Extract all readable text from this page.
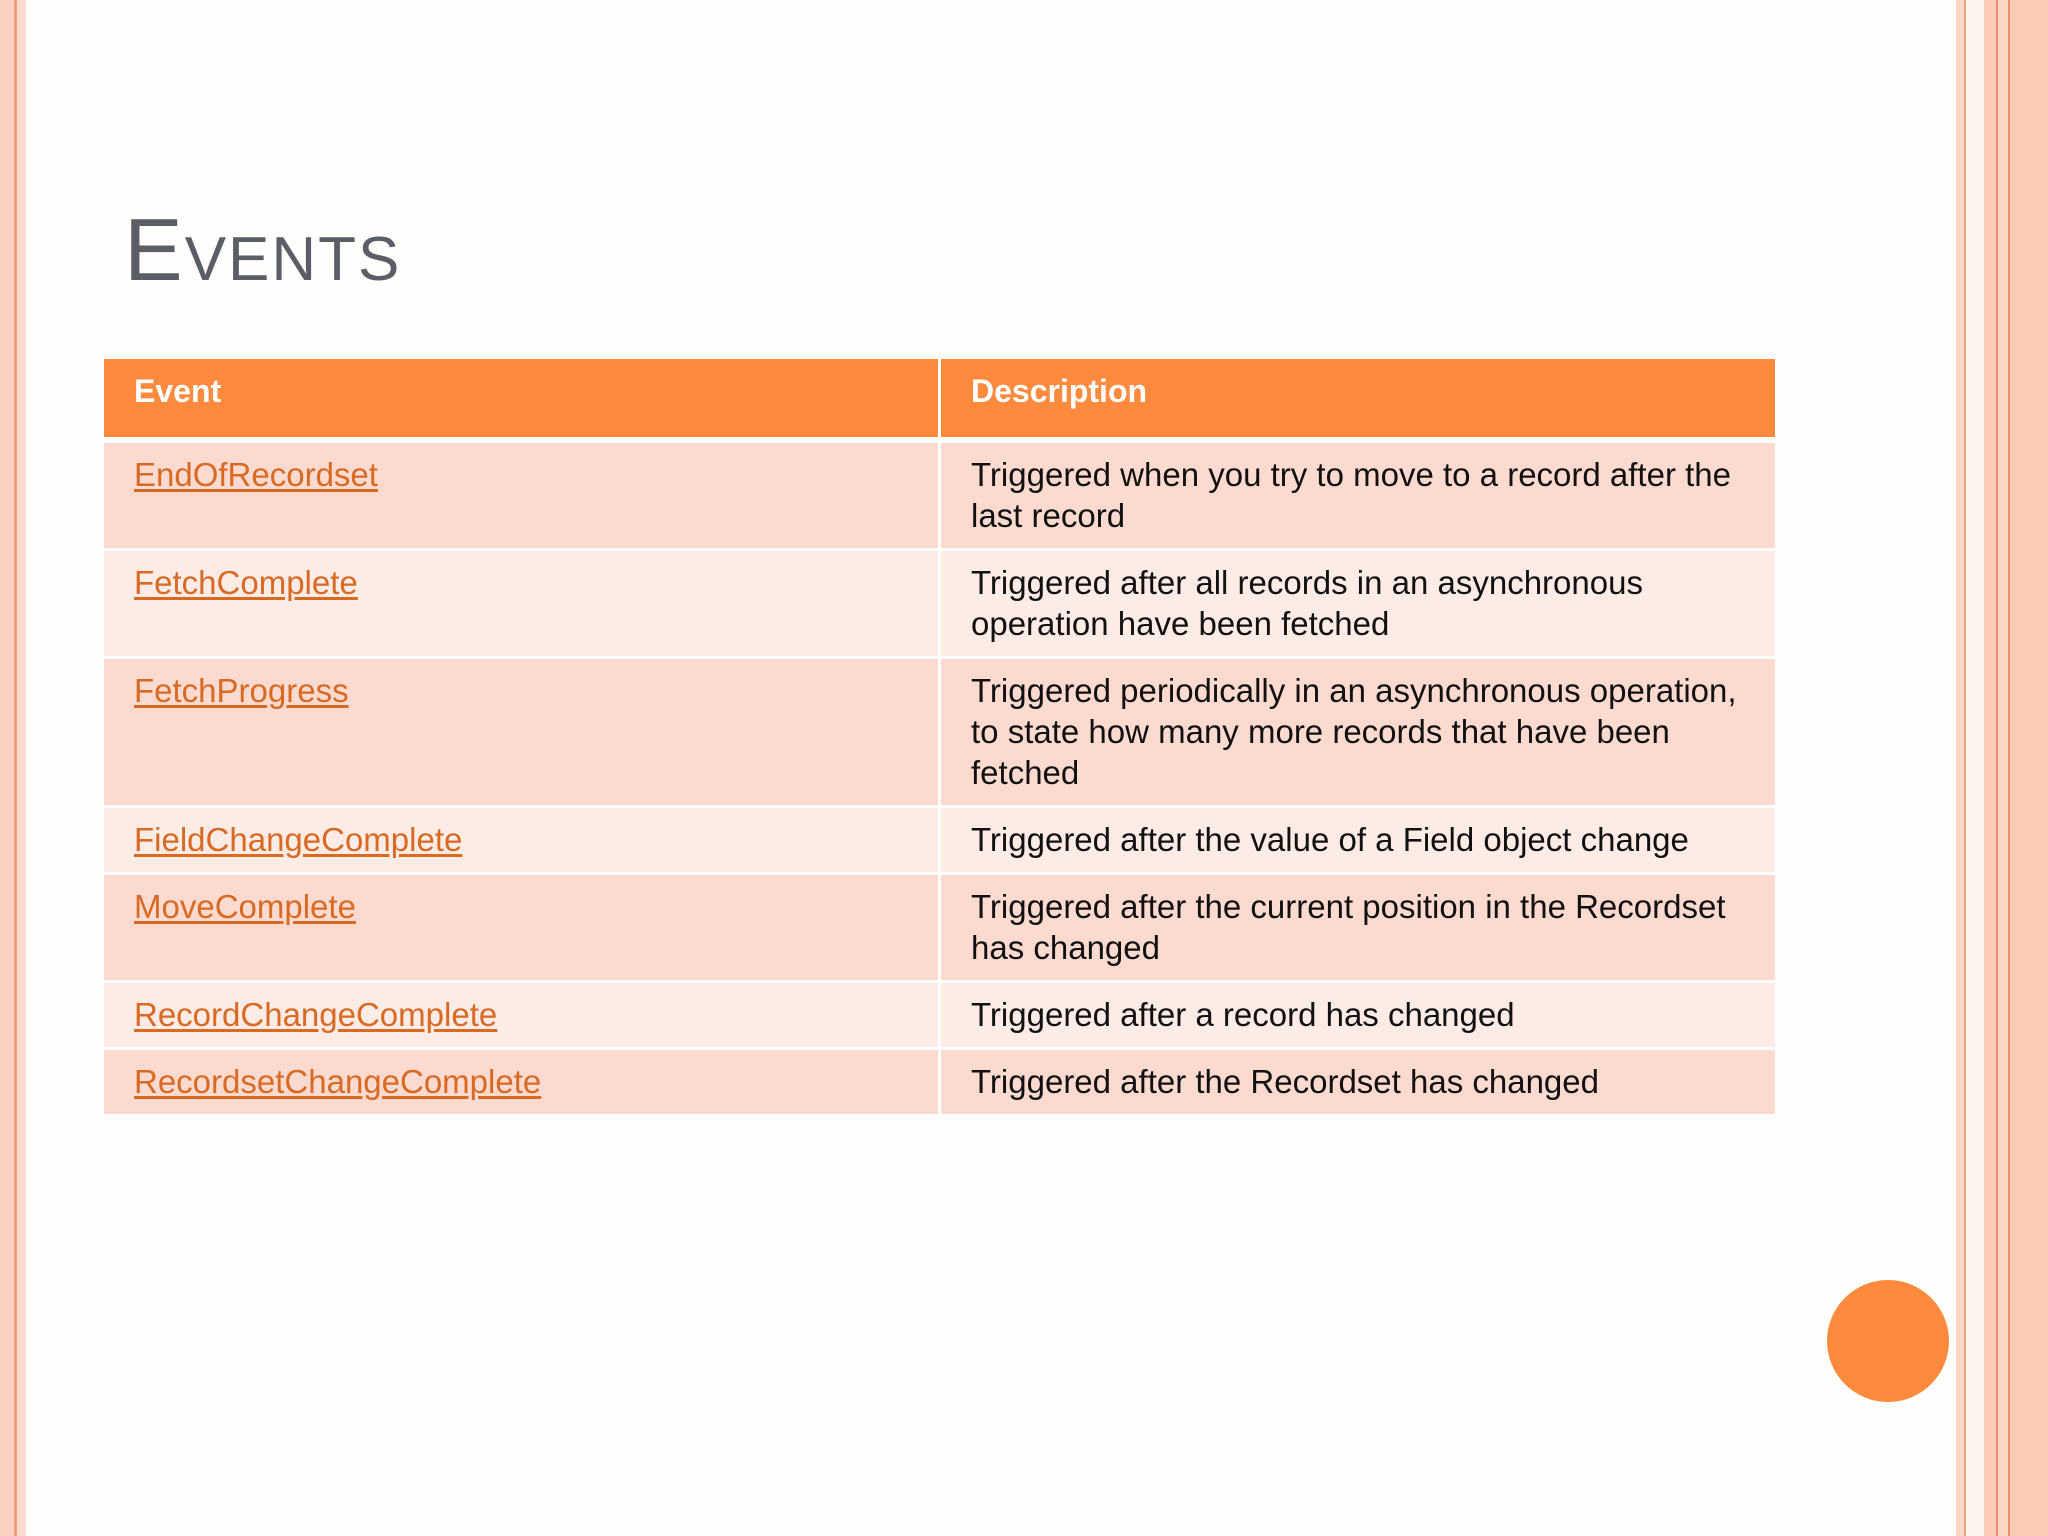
Events
Event	Description
EndOfRecordset	Triggered when you try to move to a record after the last record
FetchComplete	Triggered after all records in an asynchronous operation have been fetched
FetchProgress	Triggered periodically in an asynchronous operation, to state how many more records that have been fetched
FieldChangeComplete	Triggered after the value of a Field object change
MoveComplete	Triggered after the current position in the Recordset has changed
RecordChangeComplete	Triggered after a record has changed
RecordsetChangeComplete	Triggered after the Recordset has changed
